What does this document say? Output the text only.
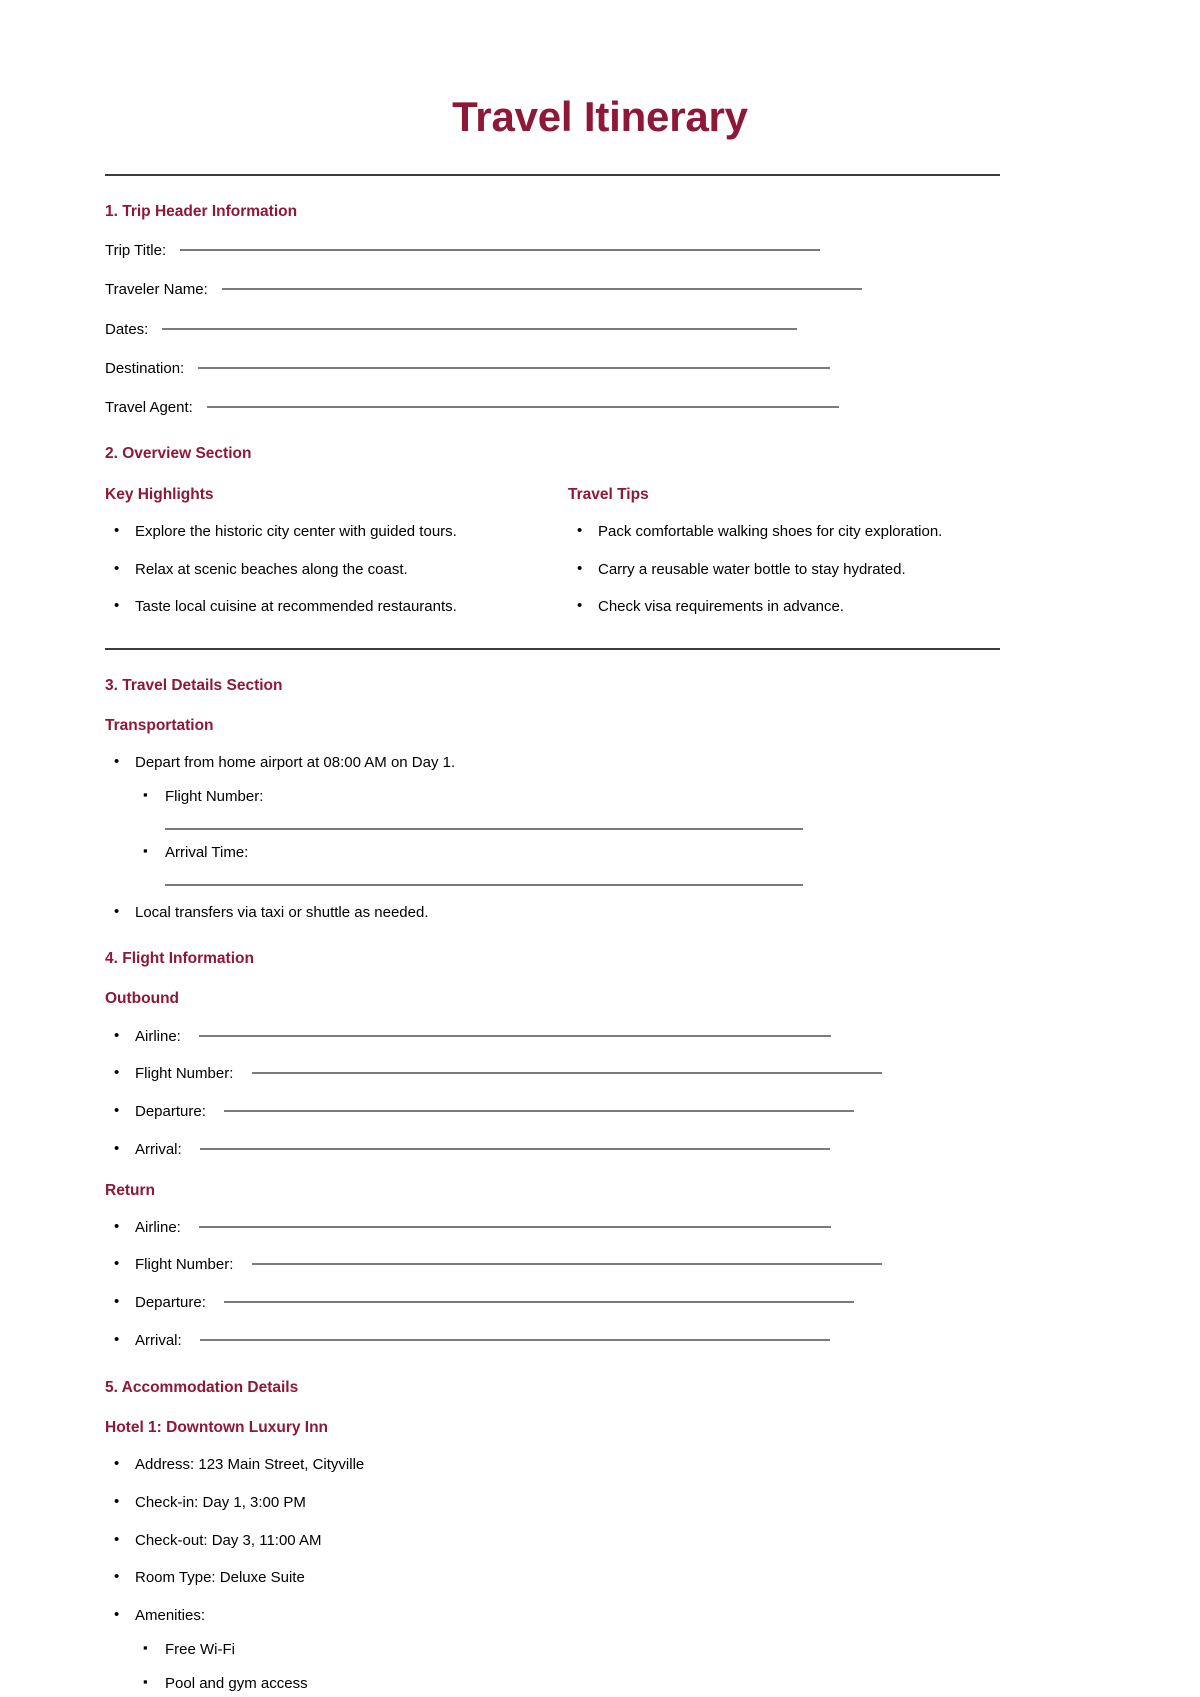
Travel Itinerary
1. Trip Header Information
Trip Title:
Traveler Name:
Dates:
Destination:
Travel Agent:
2. Overview Section
Key Highlights
• Explore the historic city center with guided tours.
• Relax at scenic beaches along the coast.
• Taste local cuisine at recommended restaurants.
Travel Tips
• Pack comfortable walking shoes for city exploration.
• Carry a reusable water bottle to stay hydrated.
• Check visa requirements in advance.
3. Travel Details Section
Transportation
• Depart from home airport at 08:00 AM on Day 1.
▪ Flight Number:
▪ Arrival Time:
• Local transfers via taxi or shuttle as needed.
4. Flight Information
Outbound
• Airline:
• Flight Number:
• Departure:
• Arrival:
Return
• Airline:
• Flight Number:
• Departure:
• Arrival:
5. Accommodation Details
Hotel 1: Downtown Luxury Inn
• Address: 123 Main Street, Cityville
• Check-in: Day 1, 3:00 PM
• Check-out: Day 3, 11:00 AM
• Room Type: Deluxe Suite
• Amenities:
▪ Free Wi-Fi
▪ Pool and gym access
